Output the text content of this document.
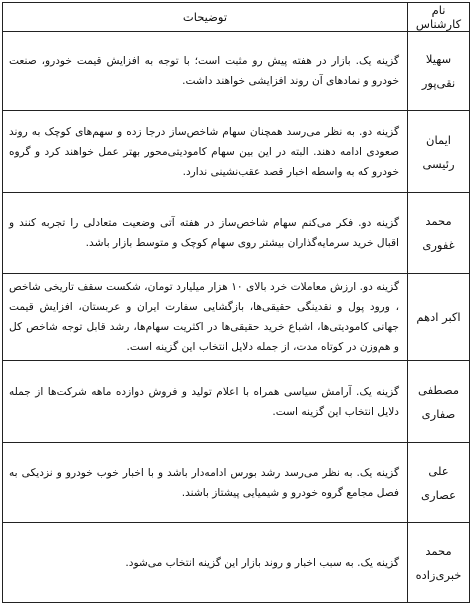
نام کارشناس	توضیحات
سهیلا نقی‌پور	گزینه یک. بازار در هفته پیش رو مثبت است؛ با توجه به افزایش قیمت خودرو، صنعت خودرو و نمادهای آن روند افزایشی خواهند داشت.
ایمان رئیسی	گزینه دو. به نظر می‌رسد همچنان سهام شاخص‌ساز درجا زده و سهم‌های کوچک به روند صعودی ادامه دهند. البته در این بین سهام کامودیتی‌محور بهتر عمل خواهند کرد و گروه خودرو که به واسطه اخبار قصد عقب‌نشینی ندارد.
محمد غفوری	گزینه دو. فکر می‌کنم سهام شاخص‌ساز در هفته آتی وضعیت متعادلی را تجربه کنند و اقبال خرید سرمایه‌گذاران بیشتر روی سهام کوچک و متوسط بازار باشد.
اکبر ادهم	گزینه دو. ارزش معاملات خرد بالای ۱۰ هزار میلیارد تومان، شکست سقف تاریخی شاخص ، ورود پول و نقدینگی حقیقی‌ها، بازگشایی سفارت ایران و عربستان، افزایش قیمت جهانی کامودیتی‌ها، اشباع خرید حقیقی‌ها در اکثریت سهام‌ها، رشد قابل توجه شاخص کل و هم‌وزن در کوتاه مدت، از جمله دلایل انتخاب این گزینه است.
مصطفی صفاری	گزینه یک. آرامش سیاسی همراه با اعلام تولید و فروش دوازده ماهه شرکت‌ها از جمله دلایل انتخاب این گزینه است.
علی عصاری	گزینه یک. به نظر می‌رسد رشد بورس ادامه‌دار باشد و با اخبار خوب خودرو و نزدیکی به فصل مجامع گروه خودرو و شیمیایی پیشتاز باشند.
محمد خبری‌زاده	گزینه یک. به سبب اخبار و روند بازار این گزینه انتخاب می‌شود.
